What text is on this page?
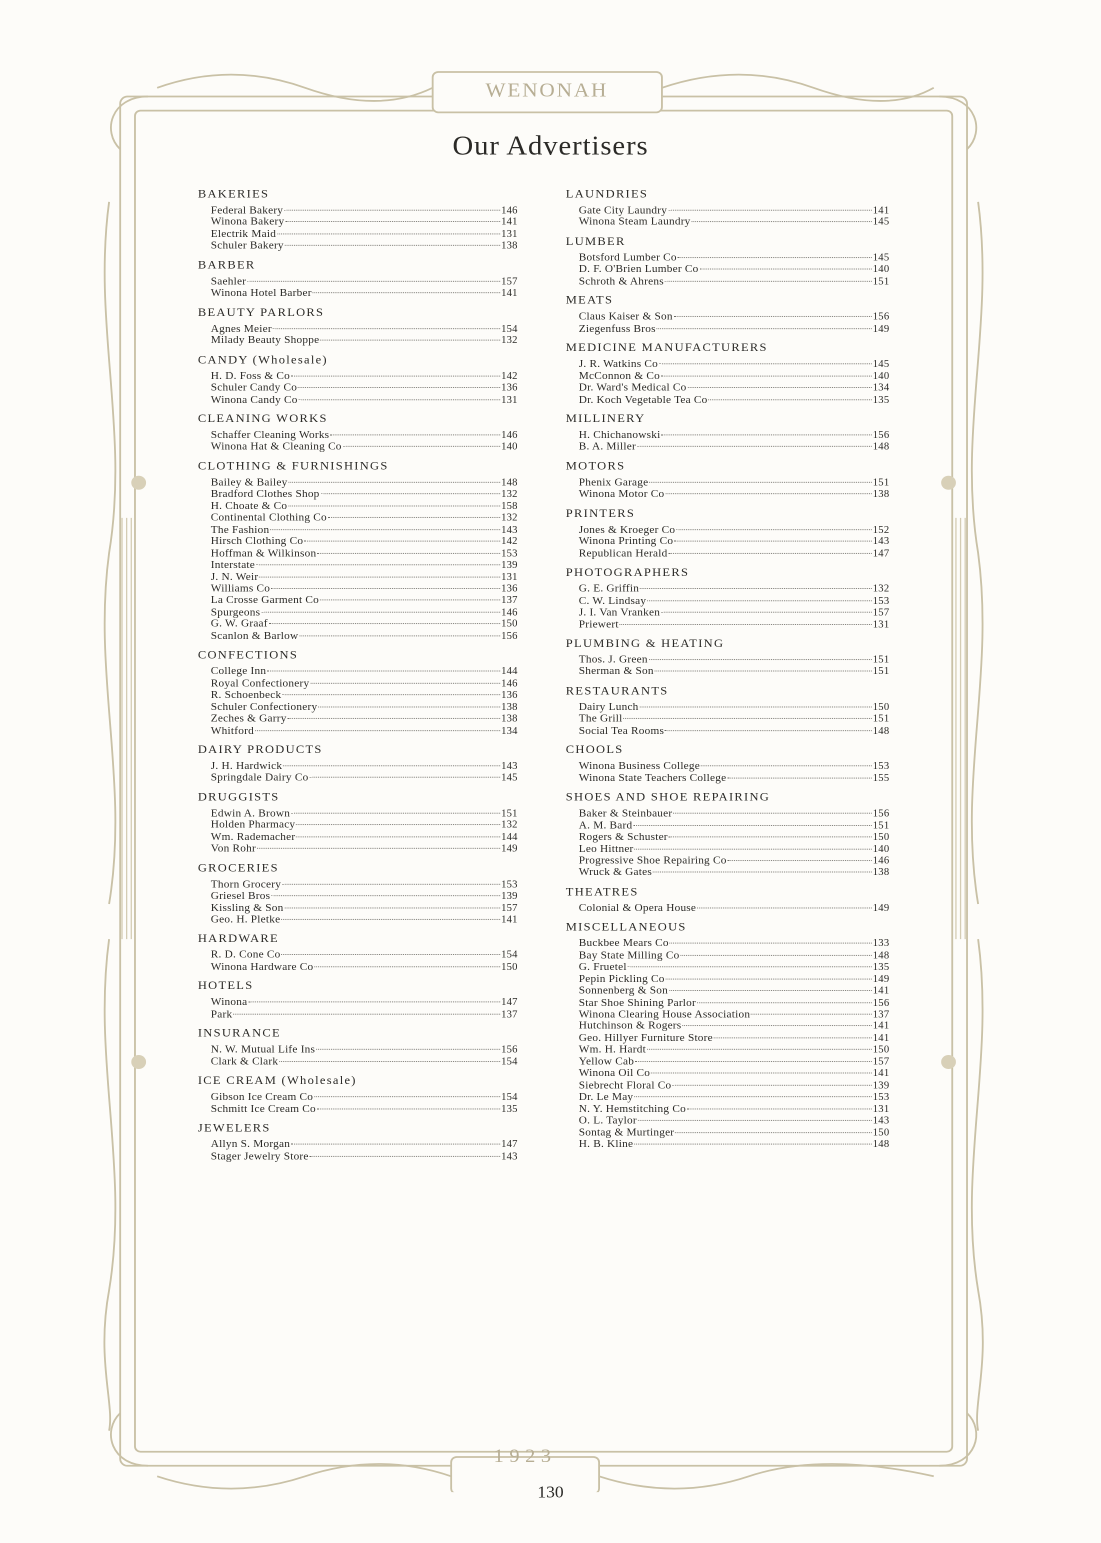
WENONAH
Our Advertisers
BAKERIES
Federal Bakery	146
Winona Bakery	141
Electrik Maid	131
Schuler Bakery	138
BARBER
Saehler	157
Winona Hotel Barber	141
BEAUTY PARLORS
Agnes Meier	154
Milady Beauty Shoppe	132
CANDY (Wholesale)
H. D. Foss & Co	142
Schuler Candy Co	136
Winona Candy Co	131
CLEANING WORKS
Schaffer Cleaning Works	146
Winona Hat & Cleaning Co	140
CLOTHING & FURNISHINGS
Bailey & Bailey	148
Bradford Clothes Shop	132
H. Choate & Co	158
Continental Clothing Co	132
The Fashion	143
Hirsch Clothing Co	142
Hoffman & Wilkinson	153
Interstate	139
J. N. Weir	131
Williams Co	136
La Crosse Garment Co	137
Spurgeons	146
G. W. Graaf	150
Scanlon & Barlow	156
CONFECTIONS
College Inn	144
Royal Confectionery	146
R. Schoenbeck	136
Schuler Confectionery	138
Zeches & Garry	138
Whitford	134
DAIRY PRODUCTS
J. H. Hardwick	143
Springdale Dairy Co	145
DRUGGISTS
Edwin A. Brown	151
Holden Pharmacy	132
Wm. Rademacher	144
Von Rohr	149
GROCERIES
Thorn Grocery	153
Griesel Bros	139
Kissling & Son	157
Geo. H. Pletke	141
HARDWARE
R. D. Cone Co	154
Winona Hardware Co	150
HOTELS
Winona	147
Park	137
INSURANCE
N. W. Mutual Life Ins	156
Clark & Clark	154
ICE CREAM (Wholesale)
Gibson Ice Cream Co	154
Schmitt Ice Cream Co	135
JEWELERS
Allyn S. Morgan	147
Stager Jewelry Store	143
LAUNDRIES
Gate City Laundry	141
Winona Steam Laundry	145
LUMBER
Botsford Lumber Co	145
D. F. O'Brien Lumber Co	140
Schroth & Ahrens	151
MEATS
Claus Kaiser & Son	156
Ziegenfuss Bros	149
MEDICINE MANUFACTURERS
J. R. Watkins Co	145
McConnon & Co	140
Dr. Ward's Medical Co	134
Dr. Koch Vegetable Tea Co	135
MILLINERY
H. Chichanowski	156
B. A. Miller	148
MOTORS
Phenix Garage	151
Winona Motor Co	138
PRINTERS
Jones & Kroeger Co	152
Winona Printing Co	143
Republican Herald	147
PHOTOGRAPHERS
G. E. Griffin	132
C. W. Lindsay	153
J. I. Van Vranken	157
Priewert	131
PLUMBING & HEATING
Thos. J. Green	151
Sherman & Son	151
RESTAURANTS
Dairy Lunch	150
The Grill	151
Social Tea Rooms	148
CHOOLS
Winona Business College	153
Winona State Teachers College	155
SHOES AND SHOE REPAIRING
Baker & Steinbauer	156
A. M. Bard	151
Rogers & Schuster	150
Leo Hittner	140
Progressive Shoe Repairing Co	146
Wruck & Gates	138
THEATRES
Colonial & Opera House	149
MISCELLANEOUS
Buckbee Mears Co	133
Bay State Milling Co	148
G. Fruetel	135
Pepin Pickling Co	149
Sonnenberg & Son	141
Star Shoe Shining Parlor	156
Winona Clearing House Association	137
Hutchinson & Rogers	141
Geo. Hillyer Furniture Store	141
Wm. H. Hardt	150
Yellow Cab	157
Winona Oil Co	141
Siebrecht Floral Co	139
Dr. Le May	153
N. Y. Hemstitching Co	131
O. L. Taylor	143
Sontag & Murtinger	150
H. B. Kline	148
1923
130
